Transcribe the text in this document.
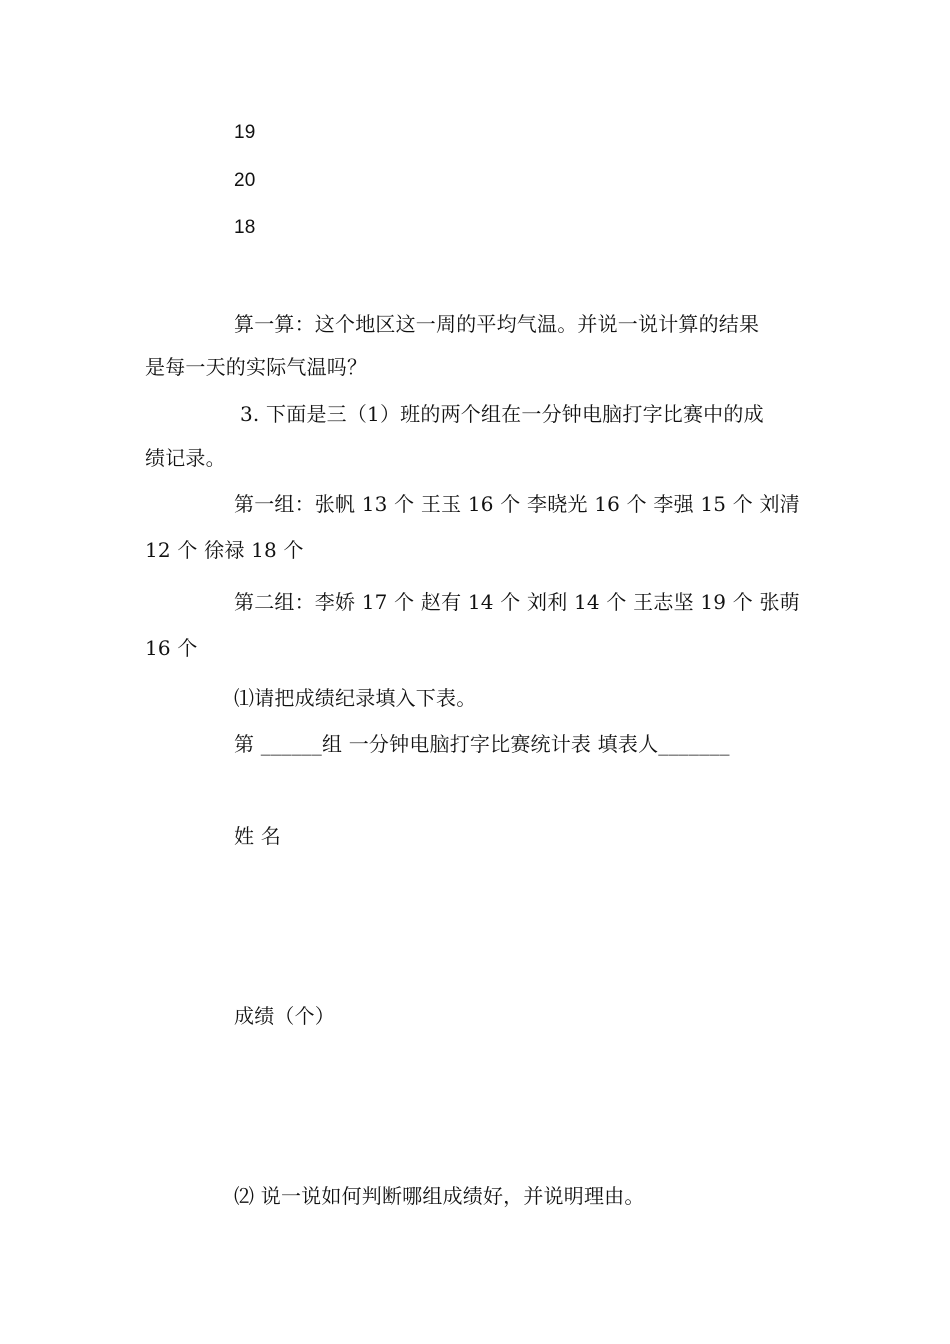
19
20
18
算一算：这个地区这一周的平均气温。并说一说计算的结果
是每一天的实际气温吗？
3. 下面是三（1）班的两个组在一分钟电脑打字比赛中的成
绩记录。
第一组：张帆 13 个 王玉 16 个 李晓光 16 个 李强 15 个 刘清
12 个 徐禄 18 个
第二组：李娇 17 个 赵有 14 个 刘利 14 个 王志坚 19 个 张萌
16 个
⑴请把成绩纪录填入下表。
第 ______组 一分钟电脑打字比赛统计表 填表人_______
姓 名
成绩（个）
⑵ 说一说如何判断哪组成绩好，并说明理由。
